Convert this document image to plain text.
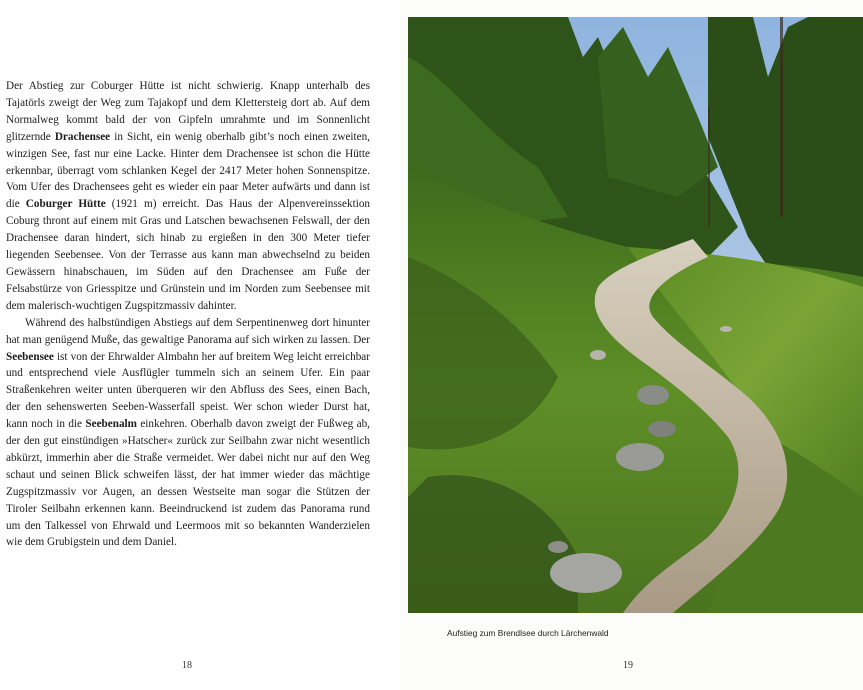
Der Abstieg zur Coburger Hütte ist nicht schwierig. Knapp unterhalb des Tajatörls zweigt der Weg zum Tajakopf und dem Klettersteig dort ab. Auf dem Normalweg kommt bald der von Gipfeln umrahmte und im Sonnenlicht glitzernde Drachensee in Sicht, ein wenig oberhalb gibt’s noch einen zweiten, winzigen See, fast nur eine Lacke. Hinter dem Drachensee ist schon die Hütte erkennbar, überragt vom schlanken Kegel der 2417 Meter hohen Sonnenspitze. Vom Ufer des Drachensees geht es wieder ein paar Meter aufwärts und dann ist die Coburger Hütte (1921 m) erreicht. Das Haus der Alpenvereinssektion Coburg thront auf einem mit Gras und Latschen bewachsenen Felswall, der den Drachensee daran hindert, sich hinab zu ergießen in den 300 Meter tiefer liegenden Seebensee. Von der Terrasse aus kann man abwechselnd zu beiden Gewässern hinabschauen, im Süden auf den Drachensee am Fuße der Felsabstürze von Griesspitze und Grünstein und im Norden zum Seebensee mit dem malerisch-wuchtigen Zugspitzmassiv dahinter.

Während des halbstündigen Abstiegs auf dem Serpentinenweg dort hinunter hat man genügend Muße, das gewaltige Panorama auf sich wirken zu lassen. Der Seebensee ist von der Ehrwalder Almbahn her auf breitem Weg leicht erreichbar und entsprechend viele Ausflügler tummeln sich an seinem Ufer. Ein paar Straßenkehren weiter unten überqueren wir den Abfluss des Sees, einen Bach, der den sehenswerten Seeben-Wasserfall speist. Wer schon wieder Durst hat, kann noch in die Seebenalm einkehren. Oberhalb davon zweigt der Fußweg ab, der den gut einstündigen »Hatscher« zurück zur Seilbahn zwar nicht wesentlich abkürzt, immerhin aber die Straße vermeidet. Wer dabei nicht nur auf den Weg schaut und seinen Blick schweifen lässt, der hat immer wieder das mächtige Zugspitzmassiv vor Augen, an dessen Westseite man sogar die Stützen der Tiroler Seilbahn erkennen kann. Beeindruckend ist zudem das Panorama rund um den Talkessel von Ehrwald und Leermoos mit so bekannten Wanderzielen wie dem Grubigstein und dem Daniel.

18
Aufstieg zum Brendlsee durch Lärchenwald
19
